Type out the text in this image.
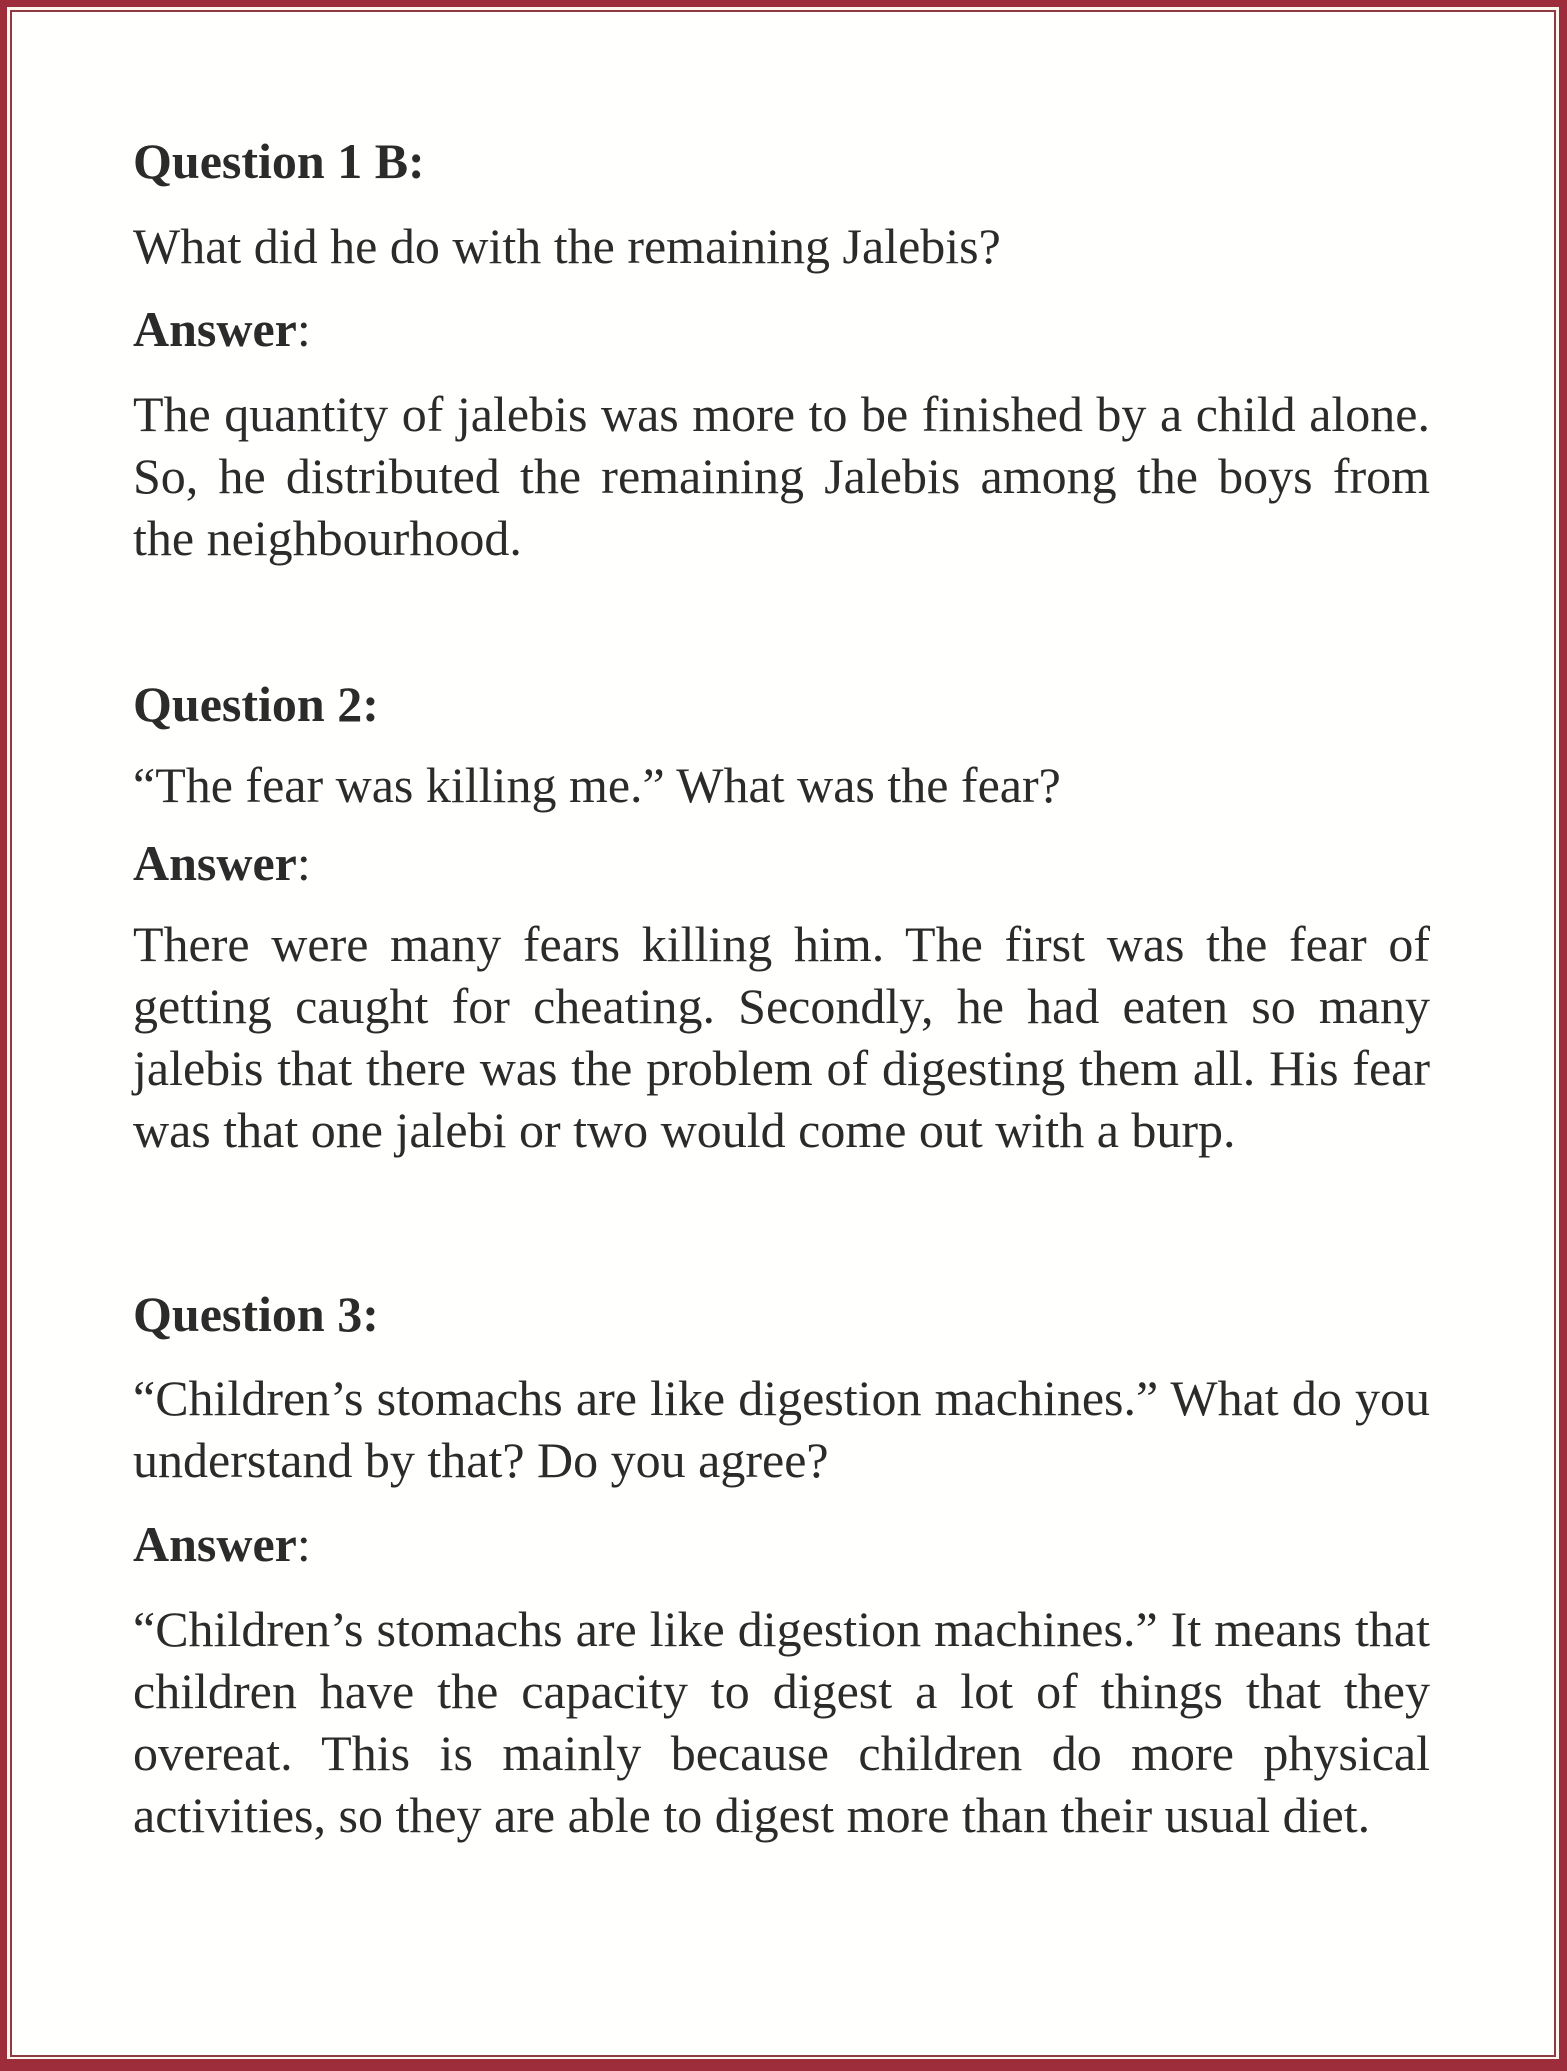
Question 1 B:

What did he do with the remaining Jalebis?

Answer:

The quantity of jalebis was more to be finished by a child alone. So, he distributed the remaining Jalebis among the boys from the neighbourhood.

Question 2:

“The fear was killing me.” What was the fear?

Answer:

There were many fears killing him. The first was the fear of getting caught for cheating. Secondly, he had eaten so many jalebis that there was the problem of digesting them all. His fear was that one jalebi or two would come out with a burp.

Question 3:

“Children’s stomachs are like digestion machines.” What do you understand by that? Do you agree?

Answer:

“Children’s stomachs are like digestion machines.” It means that children have the capacity to digest a lot of things that they overeat. This is mainly because children do more physical activities, so they are able to digest more than their usual diet.
